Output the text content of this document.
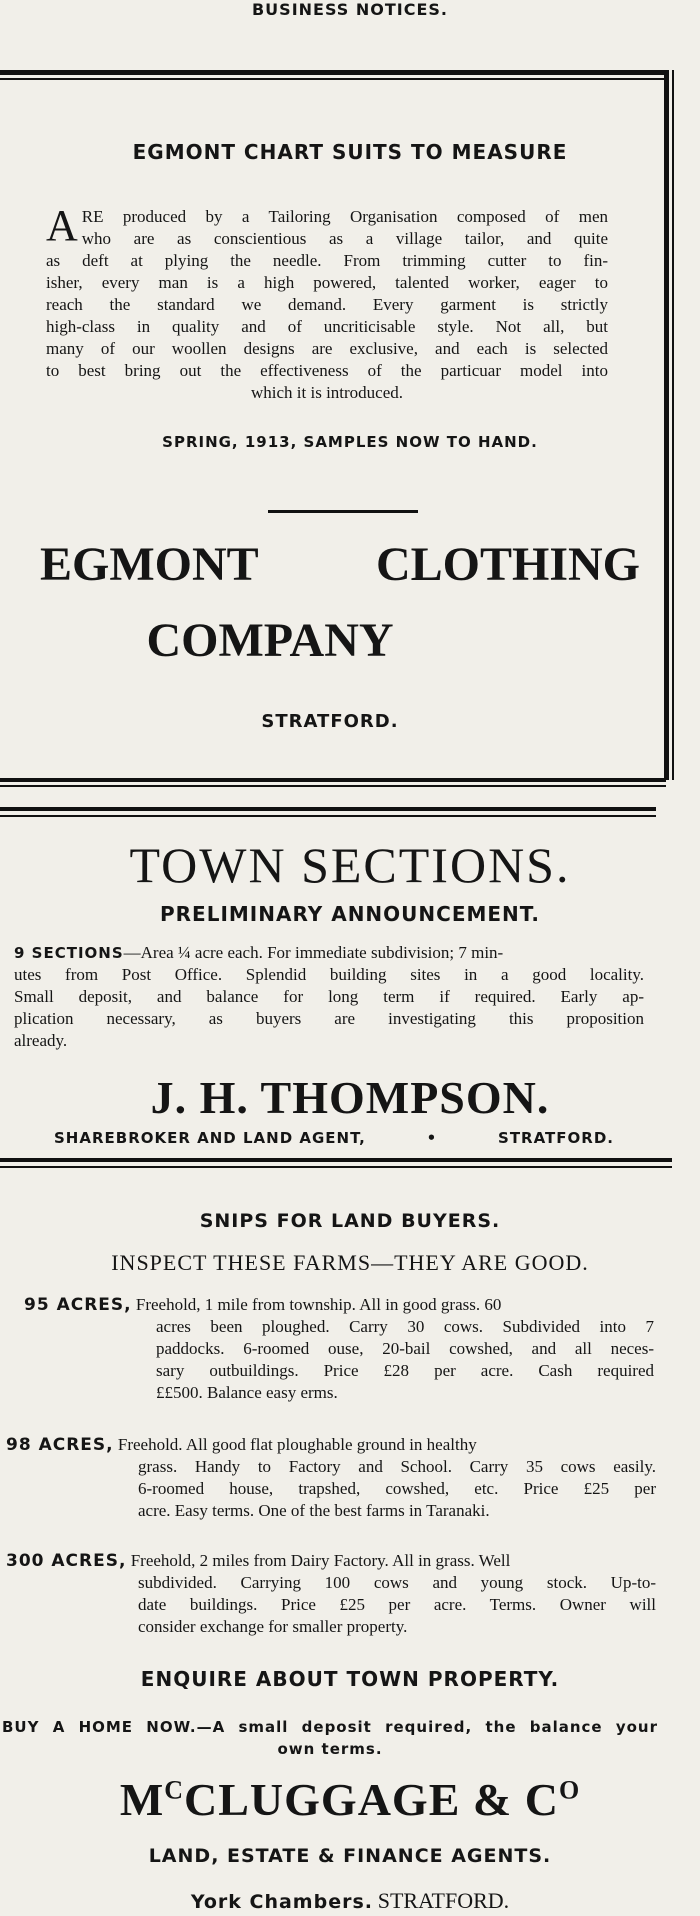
BUSINESS NOTICES.
EGMONT CHART SUITS TO MEASURE
A RE produced by a Tailoring Organisation composed of men
who are as conscientious as a village tailor, and quite
as deft at plying the needle. From trimming cutter to fin-
isher, every man is a high powered, talented worker, eager to
reach the standard we demand. Every garment is strictly
high-class in quality and of uncriticisable style. Not all, but
many of our woollen designs are exclusive, and each is selected
to best bring out the effectiveness of the particuar model into
which it is introduced.
SPRING, 1913, SAMPLES NOW TO HAND.
EGMONT CLOTHING
COMPANY
STRATFORD.
TOWN SECTIONS.
PRELIMINARY ANNOUNCEMENT.
9 SECTIONS—Area ¼ acre each. For immediate subdivision; 7 min-
utes from Post Office. Splendid building sites in a good locality.
Small deposit, and balance for long term if required. Early ap-
plication necessary, as buyers are investigating this proposition
already.
J. H. THOMPSON.
SHAREBROKER AND LAND AGENT,	•	STRATFORD.
SNIPS FOR LAND BUYERS.
INSPECT THESE FARMS—THEY ARE GOOD.
95 ACRES, Freehold, 1 mile from township. All in good grass. 60
acres been ploughed. Carry 30 cows. Subdivided into 7
paddocks. 6-roomed ouse, 20-bail cowshed, and all neces-
sary outbuildings. Price £28 per acre. Cash required
££500. Balance easy erms.
98 ACRES, Freehold. All good flat ploughable ground in healthy
grass. Handy to Factory and School. Carry 35 cows easily.
6-roomed house, trapshed, cowshed, etc. Price £25 per
acre. Easy terms. One of the best farms in Taranaki.
300 ACRES, Freehold, 2 miles from Dairy Factory. All in grass. Well
subdivided. Carrying 100 cows and young stock. Up-to-
date buildings. Price £25 per acre. Terms. Owner will
consider exchange for smaller property.
ENQUIRE ABOUT TOWN PROPERTY.
BUY A HOME NOW.—A small deposit required, the balance your
own terms.
$M^CCLUGGAGE$ & $C^O$
LAND, ESTATE & FINANCE AGENTS.
York Chambers. STRATFORD.
